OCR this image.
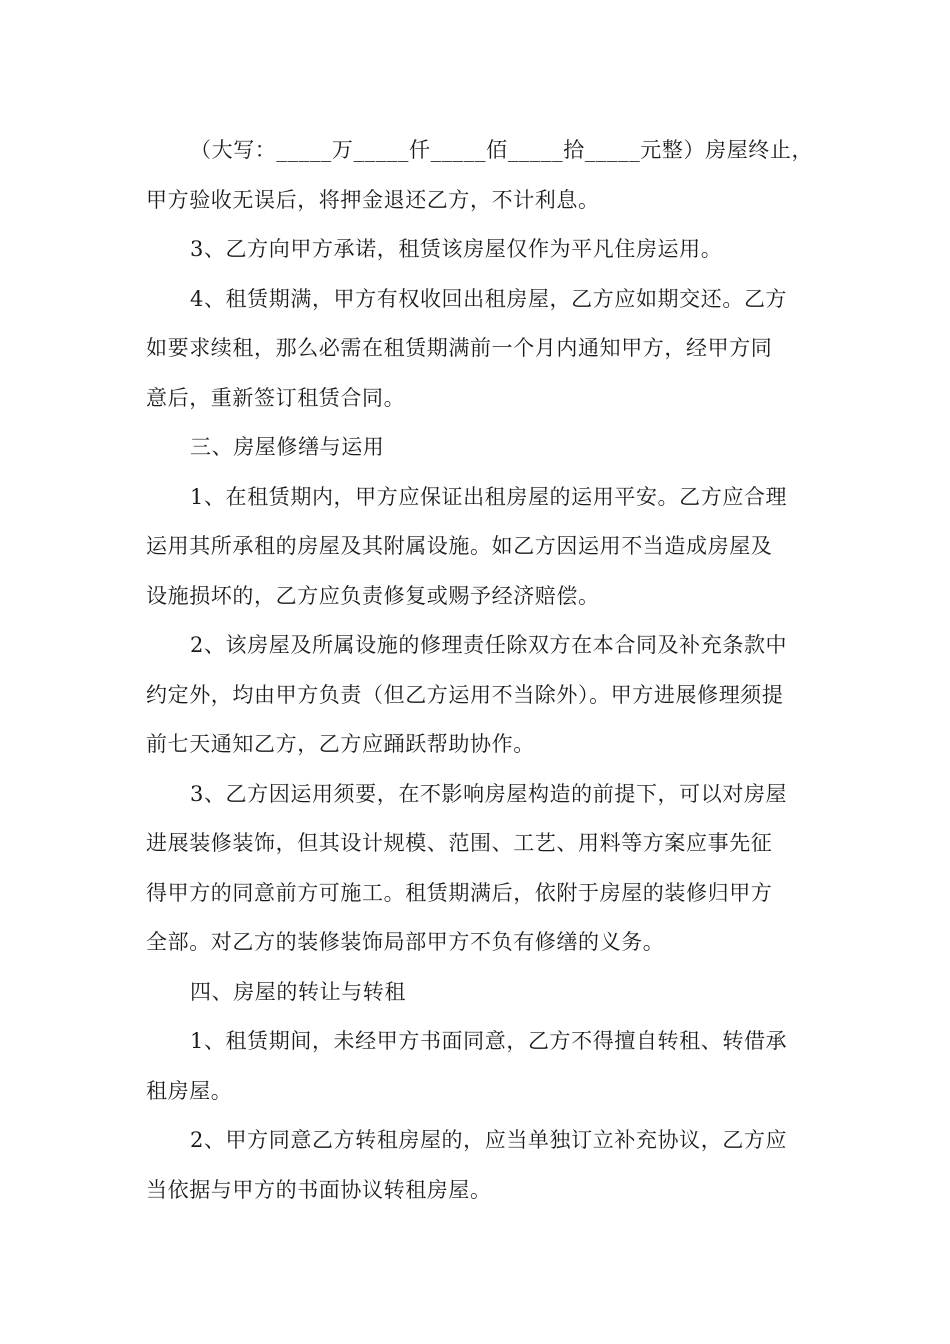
（大写：_____万_____仟_____佰_____拾_____元整）房屋终止，
甲方验收无误后，将押金退还乙方，不计利息。

3、乙方向甲方承诺，租赁该房屋仅作为平凡住房运用。

4、租赁期满，甲方有权收回出租房屋，乙方应如期交还。乙方
如要求续租，那么必需在租赁期满前一个月内通知甲方，经甲方同
意后，重新签订租赁合同。

三、房屋修缮与运用

1、在租赁期内，甲方应保证出租房屋的运用平安。乙方应合理
运用其所承租的房屋及其附属设施。如乙方因运用不当造成房屋及
设施损坏的，乙方应负责修复或赐予经济赔偿。

2、该房屋及所属设施的修理责任除双方在本合同及补充条款中
约定外，均由甲方负责（但乙方运用不当除外）。甲方进展修理须提
前七天通知乙方，乙方应踊跃帮助协作。

3、乙方因运用须要，在不影响房屋构造的前提下，可以对房屋
进展装修装饰，但其设计规模、范围、工艺、用料等方案应事先征
得甲方的同意前方可施工。租赁期满后，依附于房屋的装修归甲方
全部。对乙方的装修装饰局部甲方不负有修缮的义务。

四、房屋的转让与转租

1、租赁期间，未经甲方书面同意，乙方不得擅自转租、转借承
租房屋。

2、甲方同意乙方转租房屋的，应当单独订立补充协议，乙方应
当依据与甲方的书面协议转租房屋。
